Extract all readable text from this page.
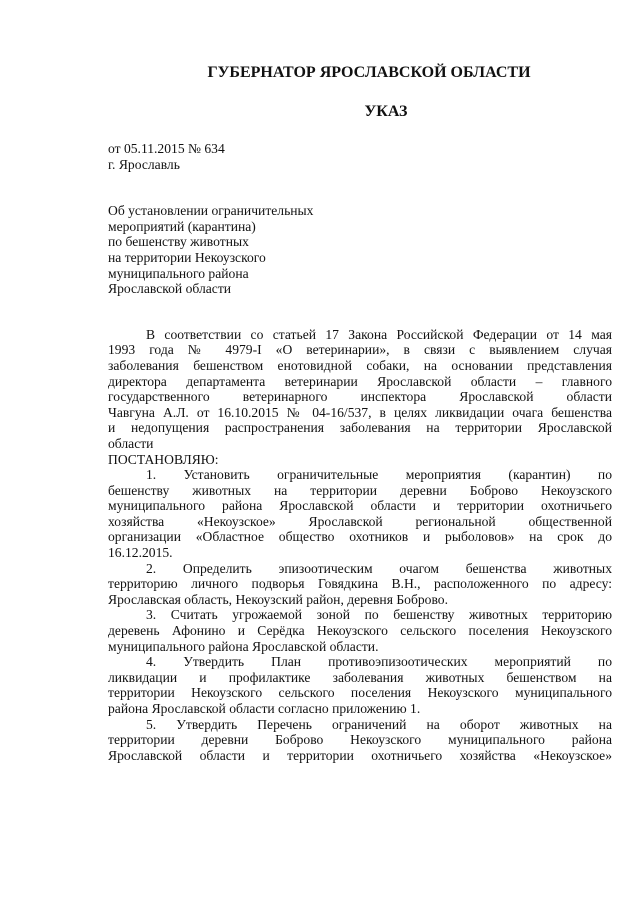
ГУБЕРНАТОР ЯРОСЛАВСКОЙ ОБЛАСТИ
УКАЗ
от 05.11.2015 № 634
г. Ярославль
Об установлении ограничительных
мероприятий (карантина)
по бешенству животных
на территории Некоузского
муниципального района
Ярославской области
В соответствии со статьей 17 Закона Российской Федерации от 14 мая
1993 года № 4979-I «О ветеринарии», в связи с выявлением случая
заболевания бешенством енотовидной собаки, на основании представления
директора департамента ветеринарии Ярославской области – главного
государственного ветеринарного инспектора Ярославской области
Чавгуна А.Л. от 16.10.2015 № 04-16/537, в целях ликвидации очага бешенства
и недопущения распространения заболевания на территории Ярославской
области
ПОСТАНОВЛЯЮ:
1. Установить ограничительные мероприятия (карантин) по
бешенству животных на территории деревни Боброво Некоузского
муниципального района Ярославской области и территории охотничьего
хозяйства «Некоузское» Ярославской региональной общественной
организации «Областное общество охотников и рыболовов» на срок до
16.12.2015.
2. Определить эпизоотическим очагом бешенства животных
территорию личного подворья Говядкина В.Н., расположенного по адресу:
Ярославская область, Некоузский район, деревня Боброво.
3. Считать угрожаемой зоной по бешенству животных территорию
деревень Афонино и Серёдка Некоузского сельского поселения Некоузского
муниципального района Ярославской области.
4. Утвердить План противоэпизоотических мероприятий по
ликвидации и профилактике заболевания животных бешенством на
территории Некоузского сельского поселения Некоузского муниципального
района Ярославской области согласно приложению 1.
5. Утвердить Перечень ограничений на оборот животных на
территории деревни Боброво Некоузского муниципального района
Ярославской области и территории охотничьего хозяйства «Некоузское»
